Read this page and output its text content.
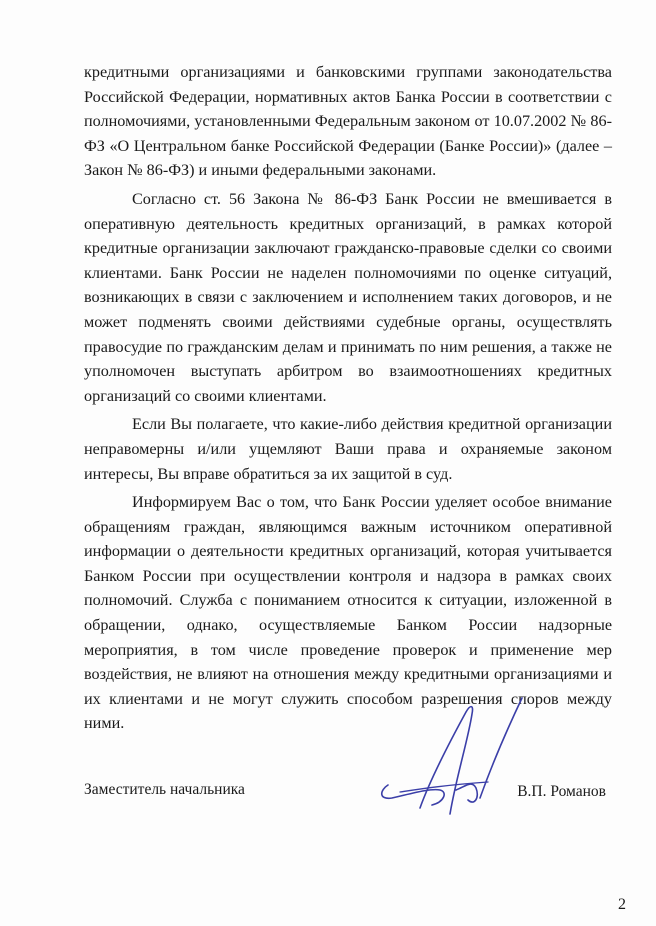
кредитными организациями и банковскими группами законодательства Российской Федерации, нормативных актов Банка России в соответствии с полномочиями, установленными Федеральным законом от 10.07.2002 № 86-ФЗ «О Центральном банке Российской Федерации (Банке России)» (далее – Закон № 86-ФЗ) и иными федеральными законами.

Согласно ст. 56 Закона № 86-ФЗ Банк России не вмешивается в оперативную деятельность кредитных организаций, в рамках которой кредитные организации заключают гражданско-правовые сделки со своими клиентами. Банк России не наделен полномочиями по оценке ситуаций, возникающих в связи с заключением и исполнением таких договоров, и не может подменять своими действиями судебные органы, осуществлять правосудие по гражданским делам и принимать по ним решения, а также не уполномочен выступать арбитром во взаимоотношениях кредитных организаций со своими клиентами.

Если Вы полагаете, что какие-либо действия кредитной организации неправомерны и/или ущемляют Ваши права и охраняемые законом интересы, Вы вправе обратиться за их защитой в суд.

Информируем Вас о том, что Банк России уделяет особое внимание обращениям граждан, являющимся важным источником оперативной информации о деятельности кредитных организаций, которая учитывается Банком России при осуществлении контроля и надзора в рамках своих полномочий. Служба с пониманием относится к ситуации, изложенной в обращении, однако, осуществляемые Банком России надзорные мероприятия, в том числе проведение проверок и применение мер воздействия, не влияют на отношения между кредитными организациями и их клиентами и не могут служить способом разрешения споров между ними.

Заместитель начальника	В.П. Романов
2
